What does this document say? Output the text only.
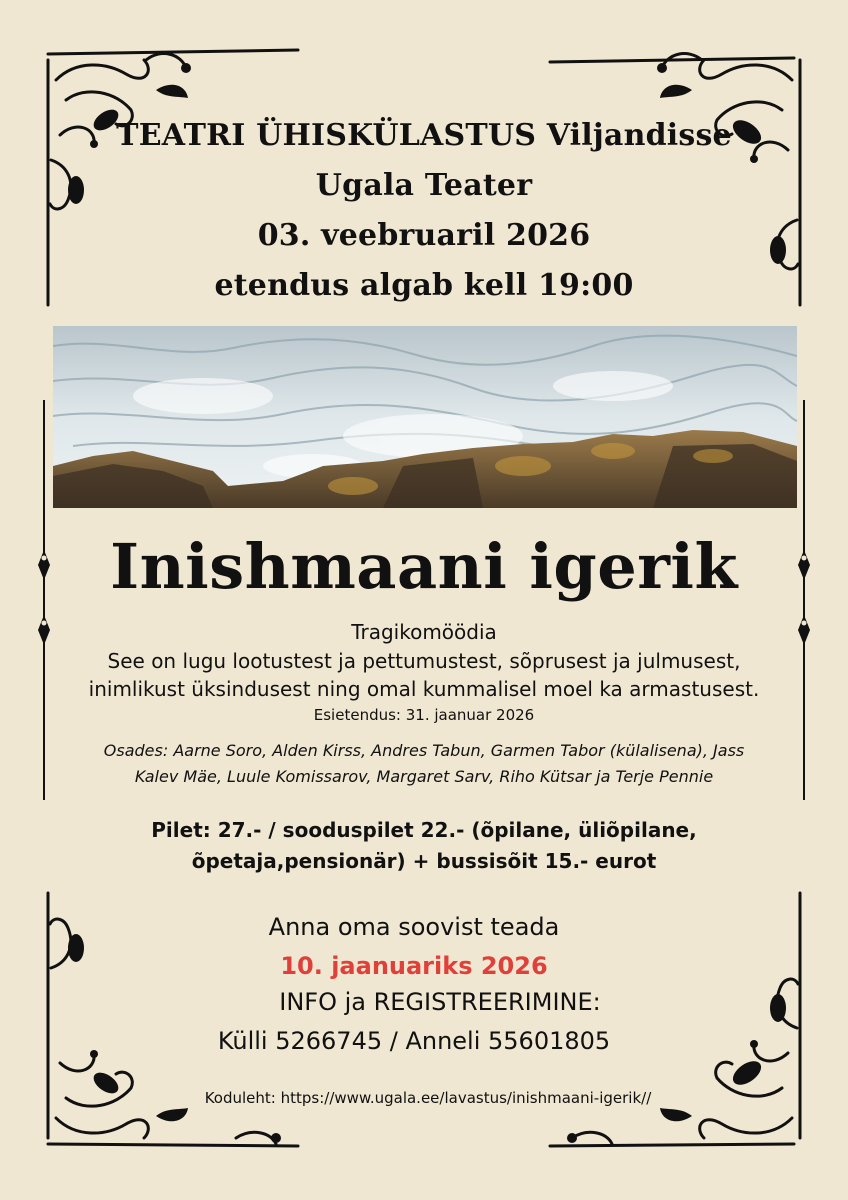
TEATRI ÜHISKÜLASTUS Viljandisse
Ugala Teater
03. veebruaril 2026
etendus algab kell 19:00
Inishmaani igerik
Tragikomöödia
See on lugu lootustest ja pettumustest, sõprusest ja julmusest,
inimlikust üksindusest ning omal kummalisel moel ka armastusest.
Esietendus: 31. jaanuar 2026
Osades: Aarne Soro, Alden Kirss, Andres Tabun, Garmen Tabor (külalisena), Jass
Kalev Mäe, Luule Komissarov, Margaret Sarv, Riho Kütsar ja Terje Pennie
Pilet: 27.- / sooduspilet 22.- (õpilane, üliõpilane,
õpetaja,pensionär) + bussisõit 15.- eurot
Anna oma soovist teada
10. jaanuariks 2026
INFO ja REGISTREERIMINE:
Külli 5266745 / Anneli 55601805
Koduleht: https://www.ugala.ee/lavastus/inishmaani-igerik//
